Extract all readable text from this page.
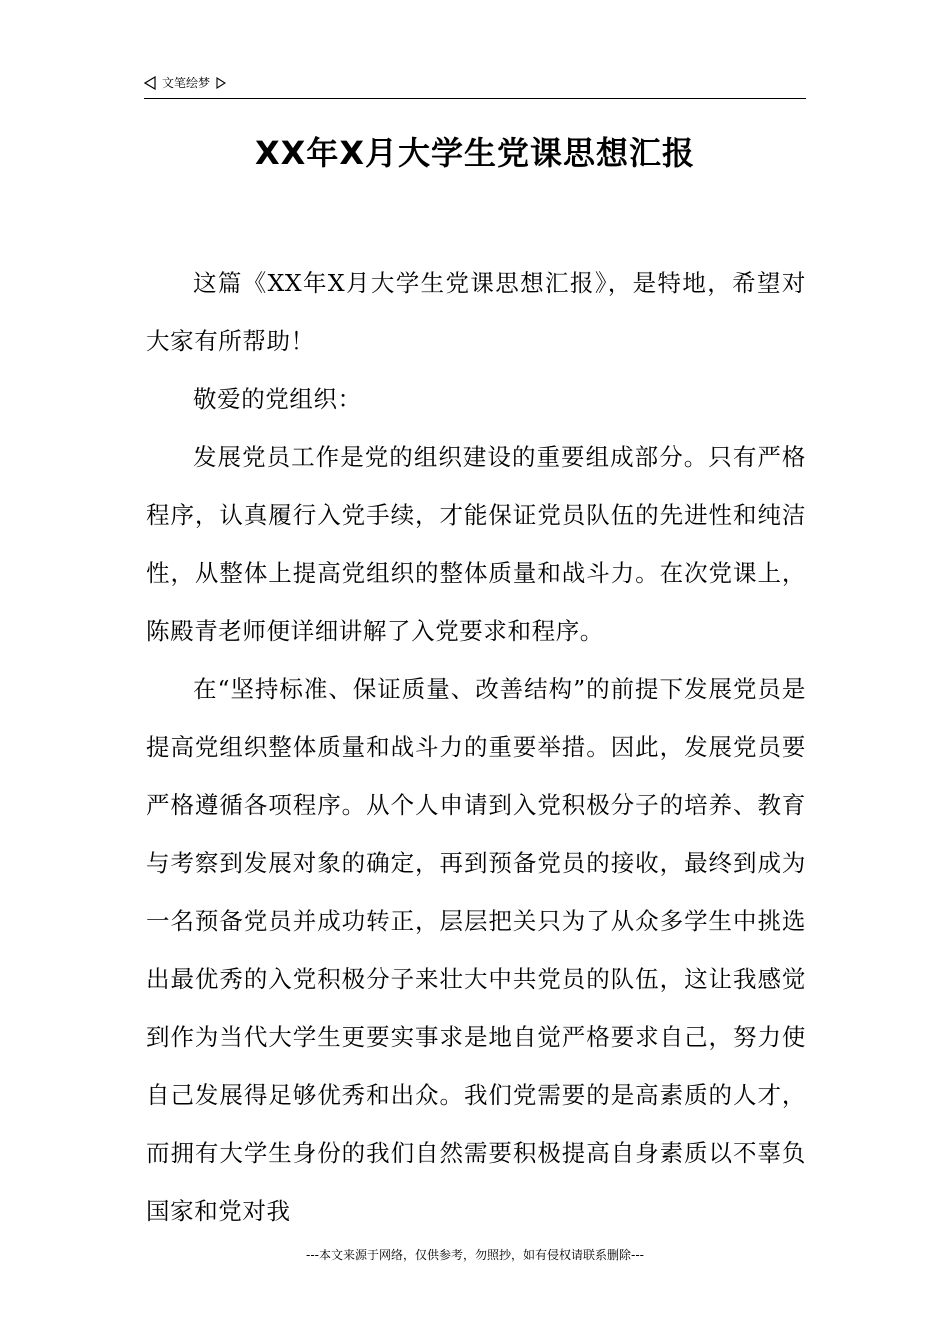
文笔绘梦
XX年X月大学生党课思想汇报

这篇《XX年X月大学生党课思想汇报》，是特地，希望对大家有所帮助！

敬爱的党组织：

发展党员工作是党的组织建设的重要组成部分。只有严格程序，认真履行入党手续，才能保证党员队伍的先进性和纯洁性，从整体上提高党组织的整体质量和战斗力。在次党课上，陈殿青老师便详细讲解了入党要求和程序。

在“坚持标准、保证质量、改善结构”的前提下发展党员是提高党组织整体质量和战斗力的重要举措。因此，发展党员要严格遵循各项程序。从个人申请到入党积极分子的培养、教育与考察到发展对象的确定，再到预备党员的接收，最终到成为一名预备党员并成功转正，层层把关只为了从众多学生中挑选出最优秀的入党积极分子来壮大中共党员的队伍，这让我感觉到作为当代大学生更要实事求是地自觉严格要求自己，努力使自己发展得足够优秀和出众。我们党需要的是高素质的人才，而拥有大学生身份的我们自然需要积极提高自身素质以不辜负国家和党对我

---本文来源于网络，仅供参考，勿照抄，如有侵权请联系删除---
